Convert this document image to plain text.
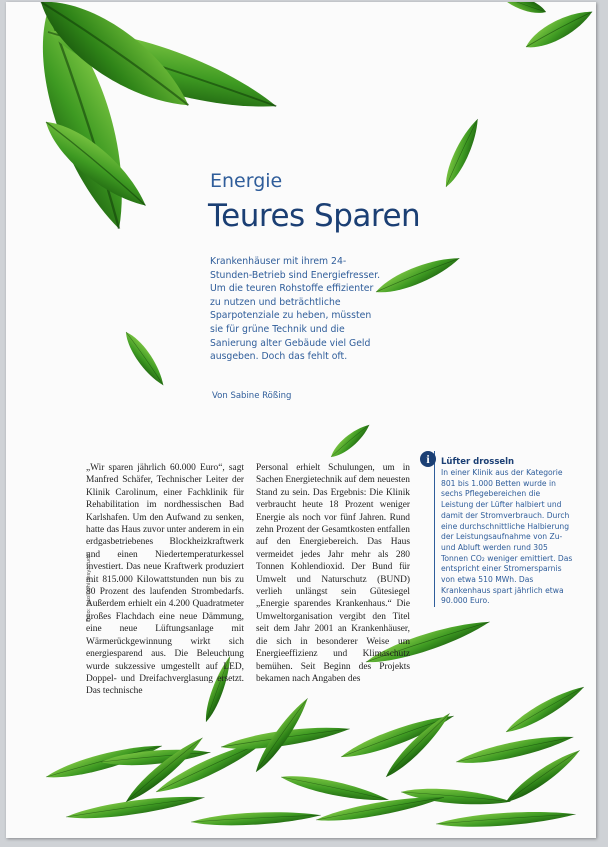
Energie

Teures Sparen

Krankenhäuser mit ihrem 24-Stunden-Betrieb sind Energiefresser. Um die teuren Rohstoffe effizienter zu nutzen und beträchtliche Sparpotenziale zu heben, müssten sie für grüne Technik und die Sanierung alter Gebäude viel Geld ausgeben. Doch das fehlt oft.

Von Sabine Rößing

„Wir sparen jährlich 60.000 Euro“, sagt Manfred Schäfer, Technischer Leiter der Klinik Carolinum, einer Fachklinik für Rehabilitation im nordhessischen Bad Karlshafen. Um den Aufwand zu senken, hatte das Haus zuvor unter anderem in ein erdgasbetriebenes Blockheizkraftwerk und einen Niedertemperaturkessel investiert. Das neue Kraftwerk produziert mit 815.000 Kilowattstunden nun bis zu 80 Prozent des laufenden Strombedarfs. Außerdem erhielt ein 4.200 Quadratmeter großes Flachdach eine neue Dämmung, eine neue Lüftungsanlage mit Wärmerückgewinnung wirkt sich energiesparend aus. Die Beleuchtung wurde sukzessive umgestellt auf LED, Doppel- und Dreifachverglasung ersetzt. Das technische

Personal erhielt Schulungen, um in Sachen Energietechnik auf dem neuesten Stand zu sein. Das Ergebnis: Die Klinik verbraucht heute 18 Prozent weniger Energie als noch vor fünf Jahren. Rund zehn Prozent der Gesamtkosten entfallen auf den Energiebereich. Das Haus vermeidet jedes Jahr mehr als 280 Tonnen Kohlendioxid. Der Bund für Umwelt und Naturschutz (BUND) verlieh unlängst sein Gütesiegel „Energie sparendes Krankenhaus.“ Die Umweltorganisation vergibt den Titel seit dem Jahr 2001 an Krankenhäuser, die sich in besonderer Weise um Energieeffizienz und Klimaschutz bemühen. Seit Beginn des Projekts bekamen nach Angaben des

Foto: fotolia/hidesy.studio

i	Lüfter drosseln

In einer Klinik aus der Kategorie 801 bis 1.000 Betten wurde in sechs Pflegebereichen die Leistung der Lüfter halbiert und damit der Stromverbrauch. Durch eine durchschnittliche Halbierung der Leistungsaufnahme von Zu- und Abluft werden rund 305 Tonnen CO₂ weniger emittiert. Das entspricht einer Stromersparnis von etwa 510 MWh. Das Krankenhaus spart jährlich etwa 90.000 Euro.
